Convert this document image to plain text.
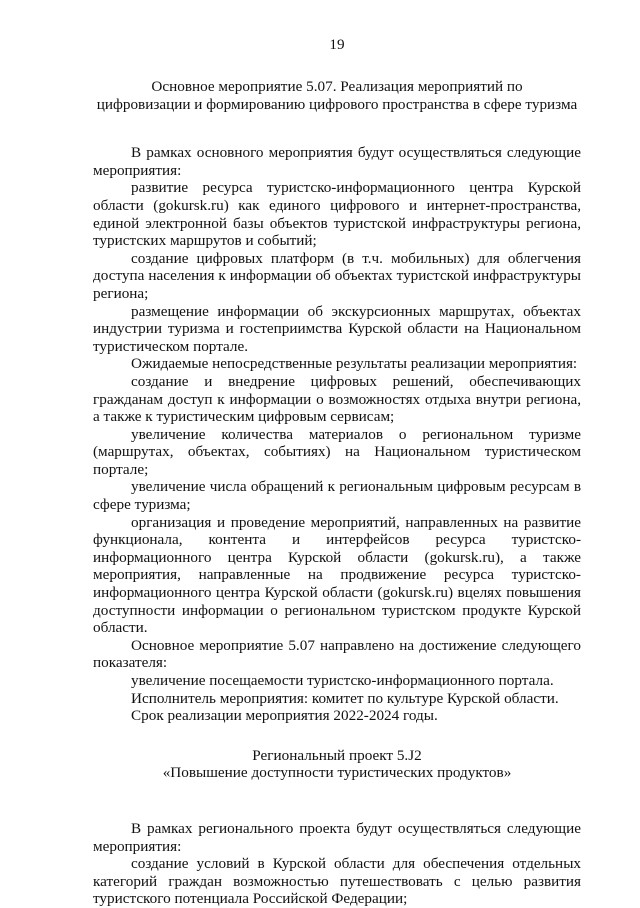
19
Основное мероприятие 5.07. Реализация мероприятий по
цифровизации и формированию цифрового пространства в сфере туризма

В рамках основного мероприятия будут осуществляться следующие мероприятия:

развитие ресурса туристско-информационного центра Курской области (gokursk.ru) как единого цифрового и интернет-пространства, единой электронной базы объектов туристской инфраструктуры региона, туристских маршрутов и событий;

создание цифровых платформ (в т.ч. мобильных) для облегчения доступа населения к информации об объектах туристской инфраструктуры региона;

размещение информации об экскурсионных маршрутах, объектах индустрии туризма и гостеприимства Курской области на Национальном туристическом портале.

Ожидаемые непосредственные результаты реализации мероприятия:

создание и внедрение цифровых решений, обеспечивающих гражданам доступ к информации о возможностях отдыха внутри региона, а также к туристическим цифровым сервисам;

увеличение количества материалов о региональном туризме (маршрутах, объектах, событиях) на Национальном туристическом портале;

увеличение числа обращений к региональным цифровым ресурсам в сфере туризма;

организация и проведение мероприятий, направленных на развитие функционала, контента и интерфейсов ресурса туристско-информационного центра Курской области (gokursk.ru), а также мероприятия, направленные на продвижение ресурса туристско-информационного центра Курской области (gokursk.ru) вцелях повышения доступности информации о региональном туристском продукте Курской области.

Основное мероприятие 5.07 направлено на достижение следующего показателя:

увеличение посещаемости туристско-информационного портала.

Исполнитель мероприятия: комитет по культуре Курской области.

Срок реализации мероприятия 2022-2024 годы.

Региональный проект 5.J2
«Повышение доступности туристических продуктов»

В рамках регионального проекта будут осуществляться следующие мероприятия:

создание условий в Курской области для обеспечения отдельных категорий граждан возможностью путешествовать с целью развития туристского потенциала Российской Федерации;
